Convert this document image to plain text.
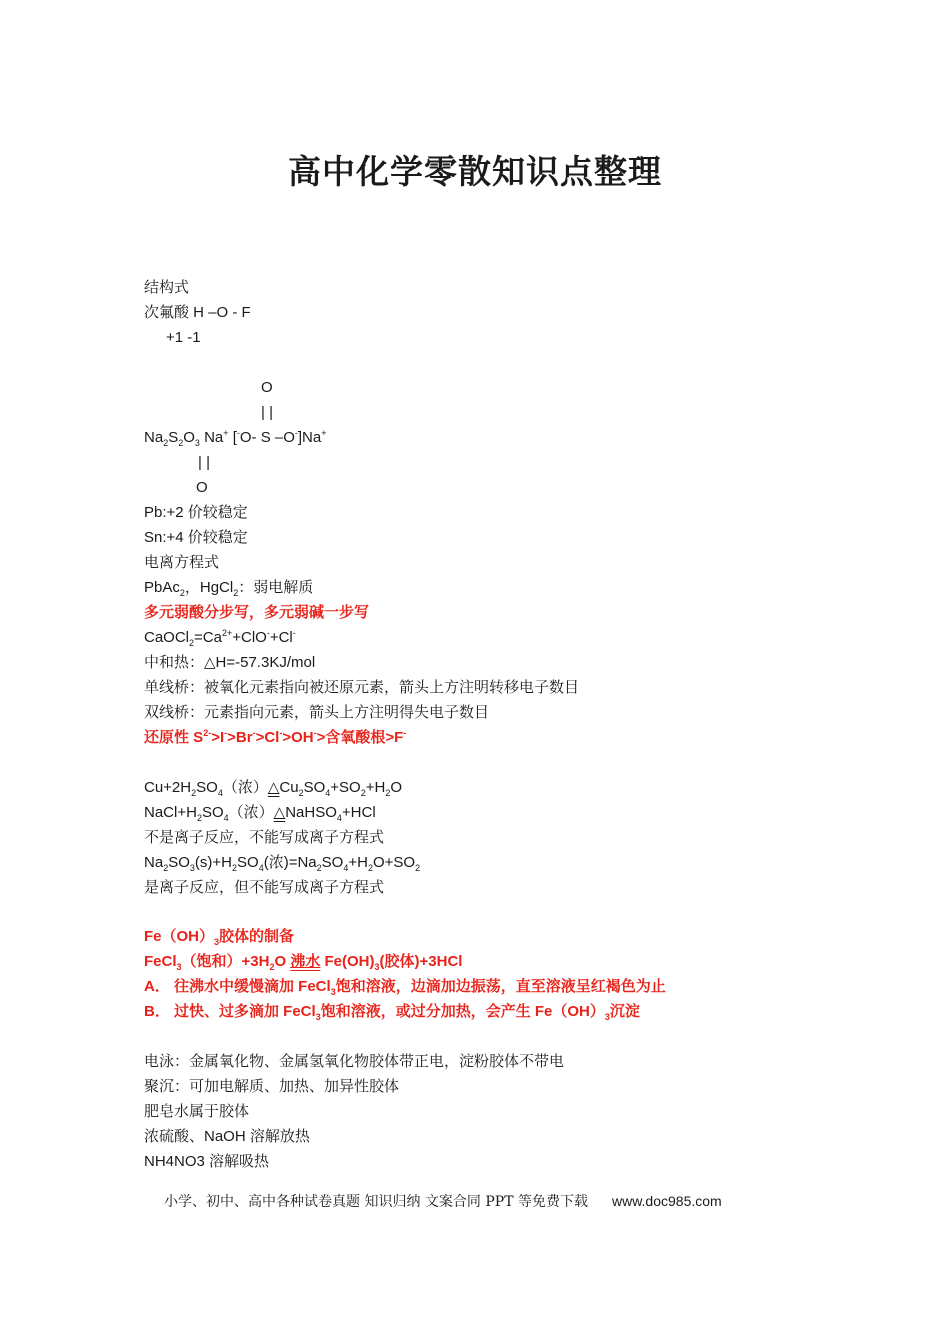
高中化学零散知识点整理
结构式
次氟酸 H –O - F
+1 -1
O
| |
$Na_2S_2O_3$ Na+ [-O- S –O-]Na+
| |
O
Pb:+2 价较稳定
Sn:+4 价较稳定
电离方程式
PbAc$_2$，HgCl$_2$：弱电解质
多元弱酸分步写，多元弱碱一步写
$CaOCl_2=Ca^{2+}+ClO^-+Cl^-$
中和热：△H=-57.3KJ/mol
单线桥：被氧化元素指向被还原元素，箭头上方注明转移电子数目
双线桥：元素指向元素，箭头上方注明得失电子数目
还原性 $S^{2-}>I^->Br^->Cl^->OH^->$含氧酸根>F-
$Cu+2H_2SO_4$（浓）$\triangle Cu_2SO_4+SO_2+H_2O$
$NaCl+H_2SO_4$（浓）△NaHSO$_4$+HCl
不是离子反应，不能写成离子方程式
$Na_2SO_3(s)+H_2SO_4$(浓)$=Na_2SO_4+H_2O+SO_2$
是离子反应，但不能写成离子方程式
$Fe(OH)_3$胶体的制备
FeCl$_3$（饱和）$+3H_2O$ 沸水 $Fe(OH)_3$(胶体)+3HCl
A． 往沸水中缓慢滴加 FeCl$_3$饱和溶液，边滴加边振荡，直至溶液呈红褐色为止
B． 过快、过多滴加 FeCl$_3$饱和溶液，或过分加热，会产生 $Fe(OH)_3$沉淀
电泳：金属氧化物、金属氢氧化物胶体带正电，淀粉胶体不带电
聚沉：可加电解质、加热、加异性胶体
肥皂水属于胶体
浓硫酸、NaOH 溶解放热
NH4NO3 溶解吸热
小学、初中、高中各种试卷真题 知识归纳 文案合同 PPT 等免费下载 www.doc985.com
